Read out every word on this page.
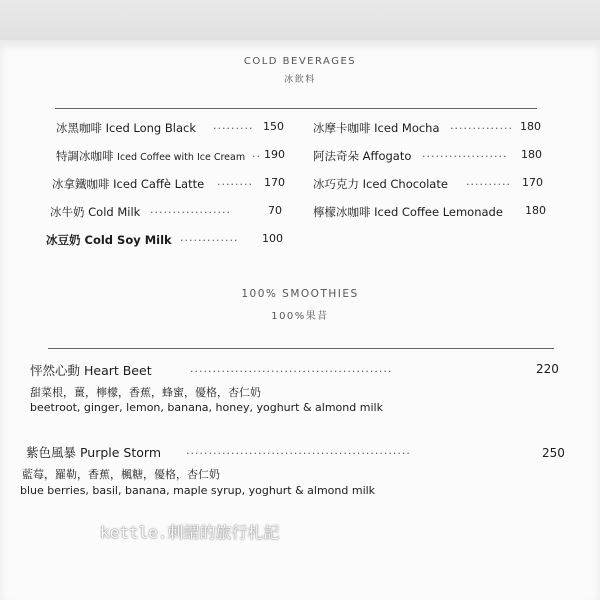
COLD BEVERAGES
冰飲料
冰黑咖啡 Iced Long Black ......... 150
特調冰咖啡 Iced Coffee with Ice Cream .. 190
冰拿鐵咖啡 Iced Caffè Latte ........ 170
冰牛奶 Cold Milk ..................	70
冰豆奶 Cold Soy Milk ............. 100
冰摩卡咖啡 Iced Mocha .............. 180
阿法奇朵 Affogato ................... 180
冰巧克力 Iced Chocolate .......... 170
檸檬冰咖啡 Iced Coffee Lemonade 180
100% SMOOTHIES
100%果昔
怦然心動 Heart Beet	.............................................	220
甜菜根，薑，檸檬，香蕉，蜂蜜，優格，杏仁奶
beetroot, ginger, lemon, banana, honey, yoghurt & almond milk
紫色風暴 Purple Storm ..................................................	250
藍莓，羅勒，香蕉，楓糖，優格，杏仁奶
blue berries, basil, banana, maple syrup, yoghurt & almond milk
kettle.刺蝟的旅行札記
